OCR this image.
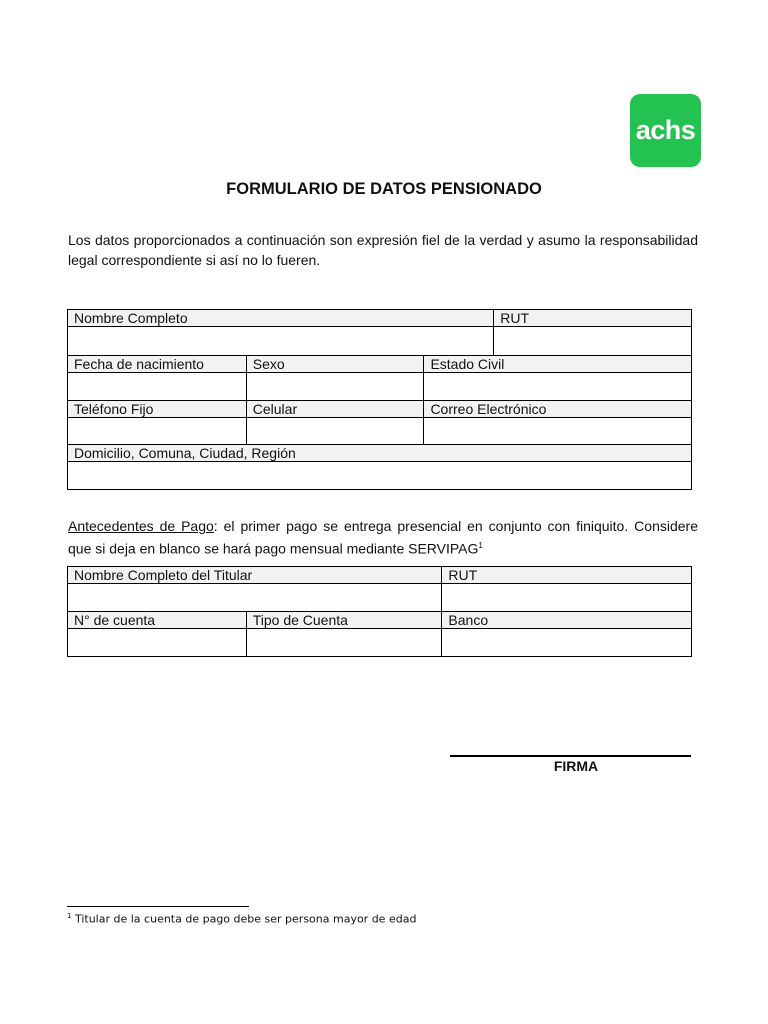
achs
FORMULARIO DE DATOS PENSIONADO
Los datos proporcionados a continuación son expresión fiel de la verdad y asumo la responsabilidad legal correspondiente si así no lo fueren.
Nombre Completo			RUT

Fecha de nacimiento	Sexo	Estado Civil	

Teléfono Fijo	Celular	Correo Electrónico	

Domicilio, Comuna, Ciudad, Región			

Antecedentes de Pago: el primer pago se entrega presencial en conjunto con finiquito. Considere que si deja en blanco se hará pago mensual mediante SERVIPAG$^1$
Nombre Completo del Titular		RUT

N° de cuenta	Tipo de Cuenta	Banco

FIRMA
$^1$ Titular de la cuenta de pago debe ser persona mayor de edad
